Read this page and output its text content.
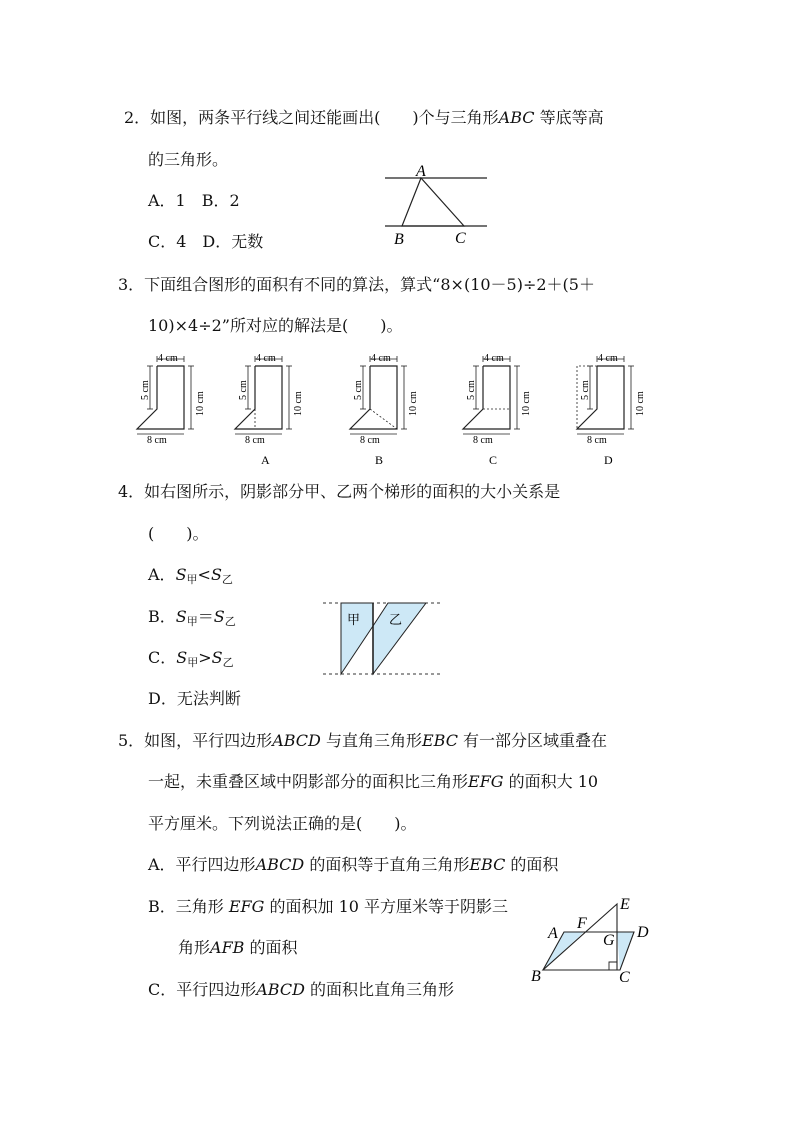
2．如图，两条平行线之间还能画出(　　)个与三角形ABC 等底等高
的三角形。
A．1　B．2
C．4　D．无数
A
B	C
3．下面组合图形的面积有不同的算法，算式“8×(10－5)÷2＋(5＋
10)×4÷2”所对应的解法是(　　)。
4 cm
5 cm
10 cm
8 cm
4 cm
5 cm
10 cm
8 cm
A
4 cm
5 cm
10 cm
8 cm
B
4 cm
5 cm
10 cm
8 cm
C
4 cm
5 cm
10 cm
8 cm
D
4．如右图所示，阴影部分甲、乙两个梯形的面积的大小关系是
(　　)。
A．S甲<S乙
B．S甲＝S乙
C．S甲>S乙
D．无法判断
甲 乙
5．如图，平行四边形ABCD 与直角三角形EBC 有一部分区域重叠在
一起，未重叠区域中阴影部分的面积比三角形EFG 的面积大 10
平方厘米。下列说法正确的是(　　)。
A．平行四边形ABCD 的面积等于直角三角形EBC 的面积
B．三角形 EFG 的面积加 10 平方厘米等于阴影三
角形AFB 的面积
C．平行四边形ABCD 的面积比直角三角形
A
B	C
D
E
F
G
